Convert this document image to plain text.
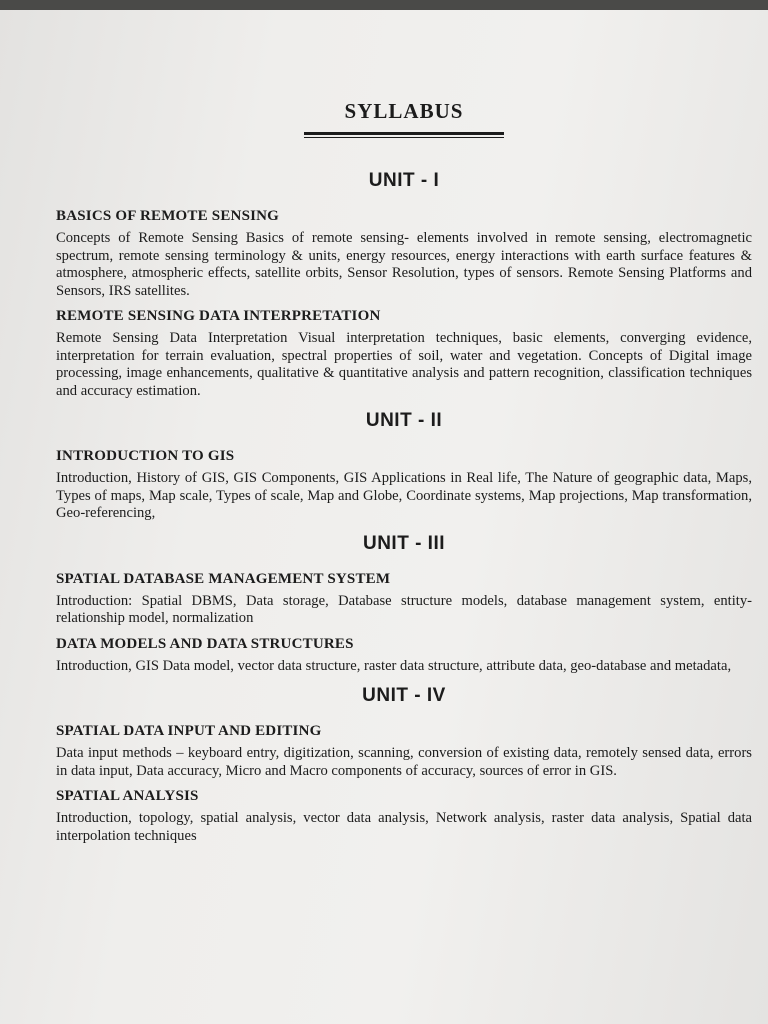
syllabus
UNIT - I
BASICS OF REMOTE SENSING
Concepts of Remote Sensing Basics of remote sensing- elements involved in remote sensing, electromagnetic spectrum, remote sensing terminology & units, energy resources, energy interactions with earth surface features & atmosphere, atmospheric effects, satellite orbits, Sensor Resolution, types of sensors. Remote Sensing Platforms and Sensors, IRS satellites.
REMOTE SENSING DATA INTERPRETATION
Remote Sensing Data Interpretation Visual interpretation techniques, basic elements, converging evidence, interpretation for terrain evaluation, spectral properties of soil, water and vegetation. Concepts of Digital image processing, image enhancements, qualitative & quantitative analysis and pattern recognition, classification techniques and accuracy estimation.
UNIT - II
INTRODUCTION TO GIS
Introduction, History of GIS, GIS Components, GIS Applications in Real life, The Nature of geographic data, Maps, Types of maps, Map scale, Types of scale, Map and Globe, Coordinate systems, Map projections, Map transformation, Geo-referencing,
UNIT - III
SPATIAL DATABASE MANAGEMENT SYSTEM
Introduction: Spatial DBMS, Data storage, Database structure models, database management system, entity-relationship model, normalization
DATA MODELS AND DATA STRUCTURES
Introduction, GIS Data model, vector data structure, raster data structure, attribute data, geo-database and metadata,
UNIT - IV
SPATIAL DATA INPUT AND EDITING
Data input methods – keyboard entry, digitization, scanning, conversion of existing data, remotely sensed data, errors in data input, Data accuracy, Micro and Macro components of accuracy, sources of error in GIS.
SPATIAL ANALYSIS
Introduction, topology, spatial analysis, vector data analysis, Network analysis, raster data analysis, Spatial data interpolation techniques
